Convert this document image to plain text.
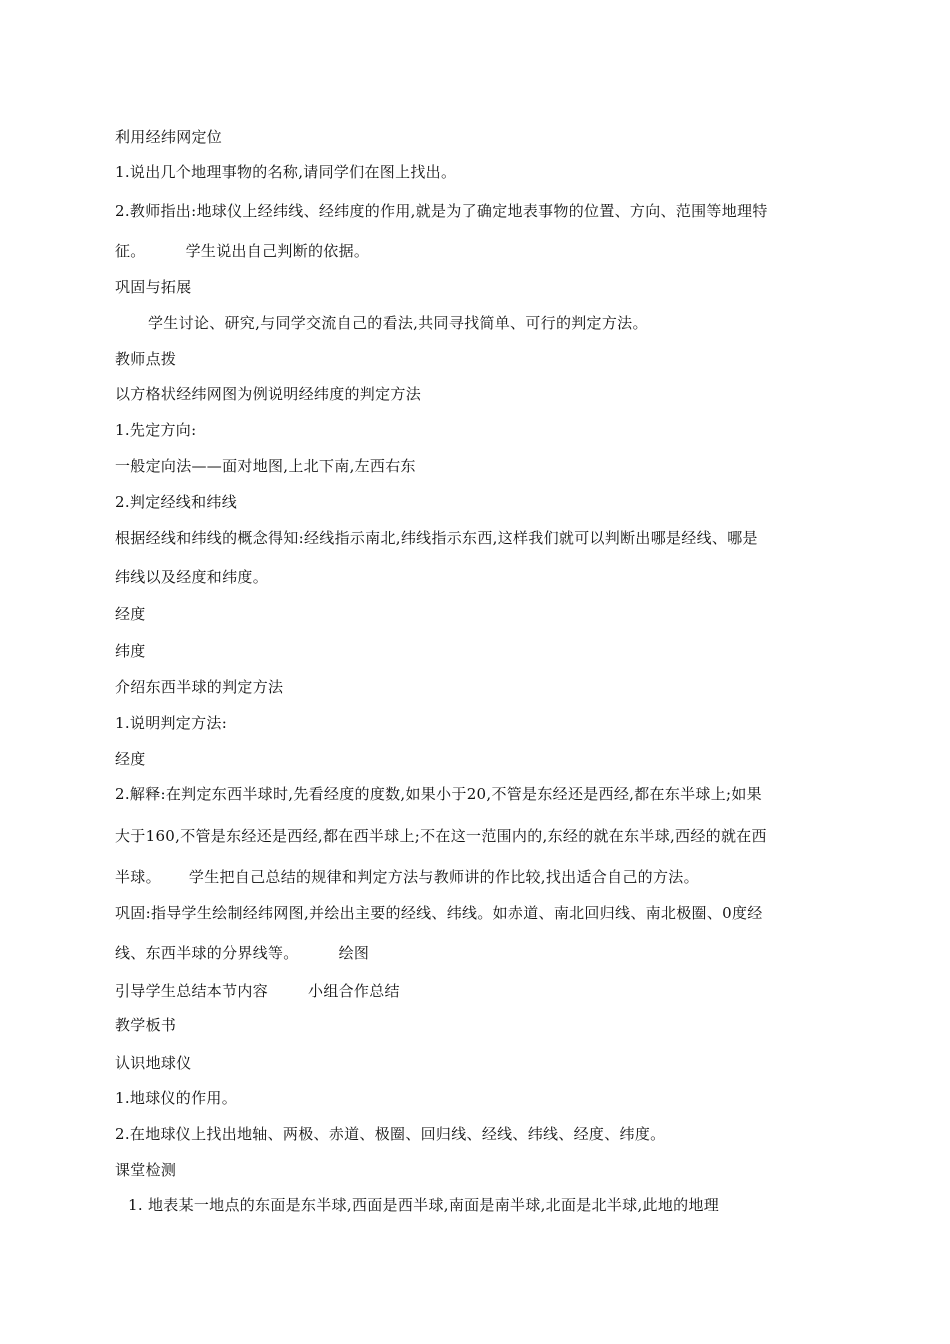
利用经纬网定位
1.说出几个地理事物的名称,请同学们在图上找出。
2.教师指出:地球仪上经纬线、经纬度的作用,就是为了确定地表事物的位置、方向、范围等地理特
征。	学生说出自己判断的依据。
巩固与拓展
学生讨论、研究,与同学交流自己的看法,共同寻找简单、可行的判定方法。
教师点拨
以方格状经纬网图为例说明经纬度的判定方法
1.先定方向:
一般定向法——面对地图,上北下南,左西右东
2.判定经线和纬线
根据经线和纬线的概念得知:经线指示南北,纬线指示东西,这样我们就可以判断出哪是经线、哪是
纬线以及经度和纬度。
经度
纬度
介绍东西半球的判定方法
1.说明判定方法:
经度
2.解释:在判定东西半球时,先看经度的度数,如果小于20,不管是东经还是西经,都在东半球上;如果
大于160,不管是东经还是西经,都在西半球上;不在这一范围内的,东经的就在东半球,西经的就在西
半球。 学生把自己总结的规律和判定方法与教师讲的作比较,找出适合自己的方法。
巩固:指导学生绘制经纬网图,并绘出主要的经线、纬线。如赤道、南北回归线、南北极圈、0度经
线、东西半球的分界线等。	绘图
引导学生总结本节内容	小组合作总结
教学板书
认识地球仪
1.地球仪的作用。
2.在地球仪上找出地轴、两极、赤道、极圈、回归线、经线、纬线、经度、纬度。
课堂检测
1. 地表某一地点的东面是东半球,西面是西半球,南面是南半球,北面是北半球,此地的地理
